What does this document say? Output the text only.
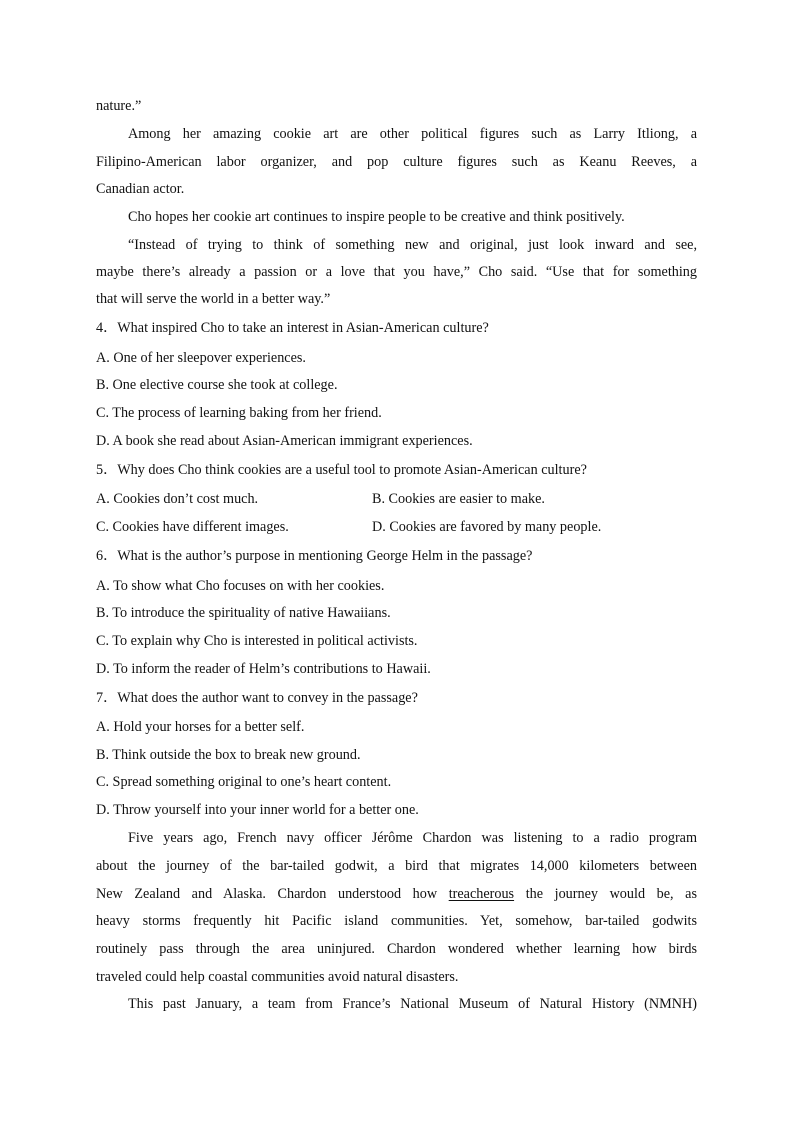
nature.”
Among her amazing cookie art are other political figures such as Larry Itliong, a
Filipino-American labor organizer, and pop culture figures such as Keanu Reeves, a
Canadian actor.
Cho hopes her cookie art continues to inspire people to be creative and think positively.
“Instead of trying to think of something new and original, just look inward and see,
maybe there’s already a passion or a love that you have,” Cho said. “Use that for something
that will serve the world in a better way.”
4．What inspired Cho to take an interest in Asian-American culture?
A. One of her sleepover experiences.
B. One elective course she took at college.
C. The process of learning baking from her friend.
D. A book she read about Asian-American immigrant experiences.
5．Why does Cho think cookies are a useful tool to promote Asian-American culture?
A. Cookies don’t cost much.	B. Cookies are easier to make.
C. Cookies have different images.	D. Cookies are favored by many people.
6．What is the author’s purpose in mentioning George Helm in the passage?
A. To show what Cho focuses on with her cookies.
B. To introduce the spirituality of native Hawaiians.
C. To explain why Cho is interested in political activists.
D. To inform the reader of Helm’s contributions to Hawaii.
7．What does the author want to convey in the passage?
A. Hold your horses for a better self.
B. Think outside the box to break new ground.
C. Spread something original to one’s heart content.
D. Throw yourself into your inner world for a better one.
Five years ago, French navy officer Jérôme Chardon was listening to a radio program
about the journey of the bar-tailed godwit, a bird that migrates 14,000 kilometers between
New Zealand and Alaska. Chardon understood how treacherous the journey would be, as
heavy storms frequently hit Pacific island communities. Yet, somehow, bar-tailed godwits
routinely pass through the area uninjured. Chardon wondered whether learning how birds
traveled could help coastal communities avoid natural disasters.
This past January, a team from France’s National Museum of Natural History (NMNH)
